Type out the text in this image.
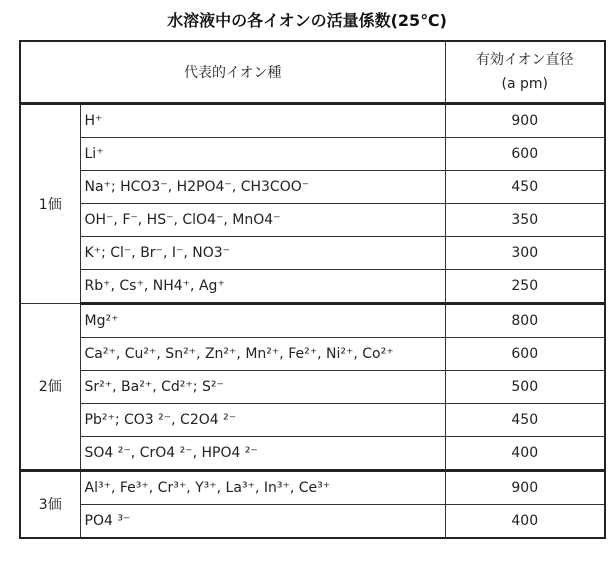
水溶液中の各イオンの活量係数(25℃)
代表的イオン種		有効イオン直径
(a pm)

1価	H⁺	900
	Li⁺	600
	Na⁺; HCO3⁻, H2PO4⁻, CH3COO⁻	450
	OH⁻, F⁻, HS⁻, ClO4⁻, MnO4⁻	350
	K⁺; Cl⁻, Br⁻, I⁻, NO3⁻	300
	Rb⁺, Cs⁺, NH4⁺, Ag⁺	250
2価	Mg²⁺	800
	Ca²⁺, Cu²⁺, Sn²⁺, Zn²⁺, Mn²⁺, Fe²⁺, Ni²⁺, Co²⁺	600
	Sr²⁺, Ba²⁺, Cd²⁺; S²⁻	500
	Pb²⁺; CO3 ²⁻, C2O4 ²⁻	450
	SO4 ²⁻, CrO4 ²⁻, HPO4 ²⁻	400
3価	Al³⁺, Fe³⁺, Cr³⁺, Y³⁺, La³⁺, In³⁺, Ce³⁺	900
	PO4 ³⁻	400
